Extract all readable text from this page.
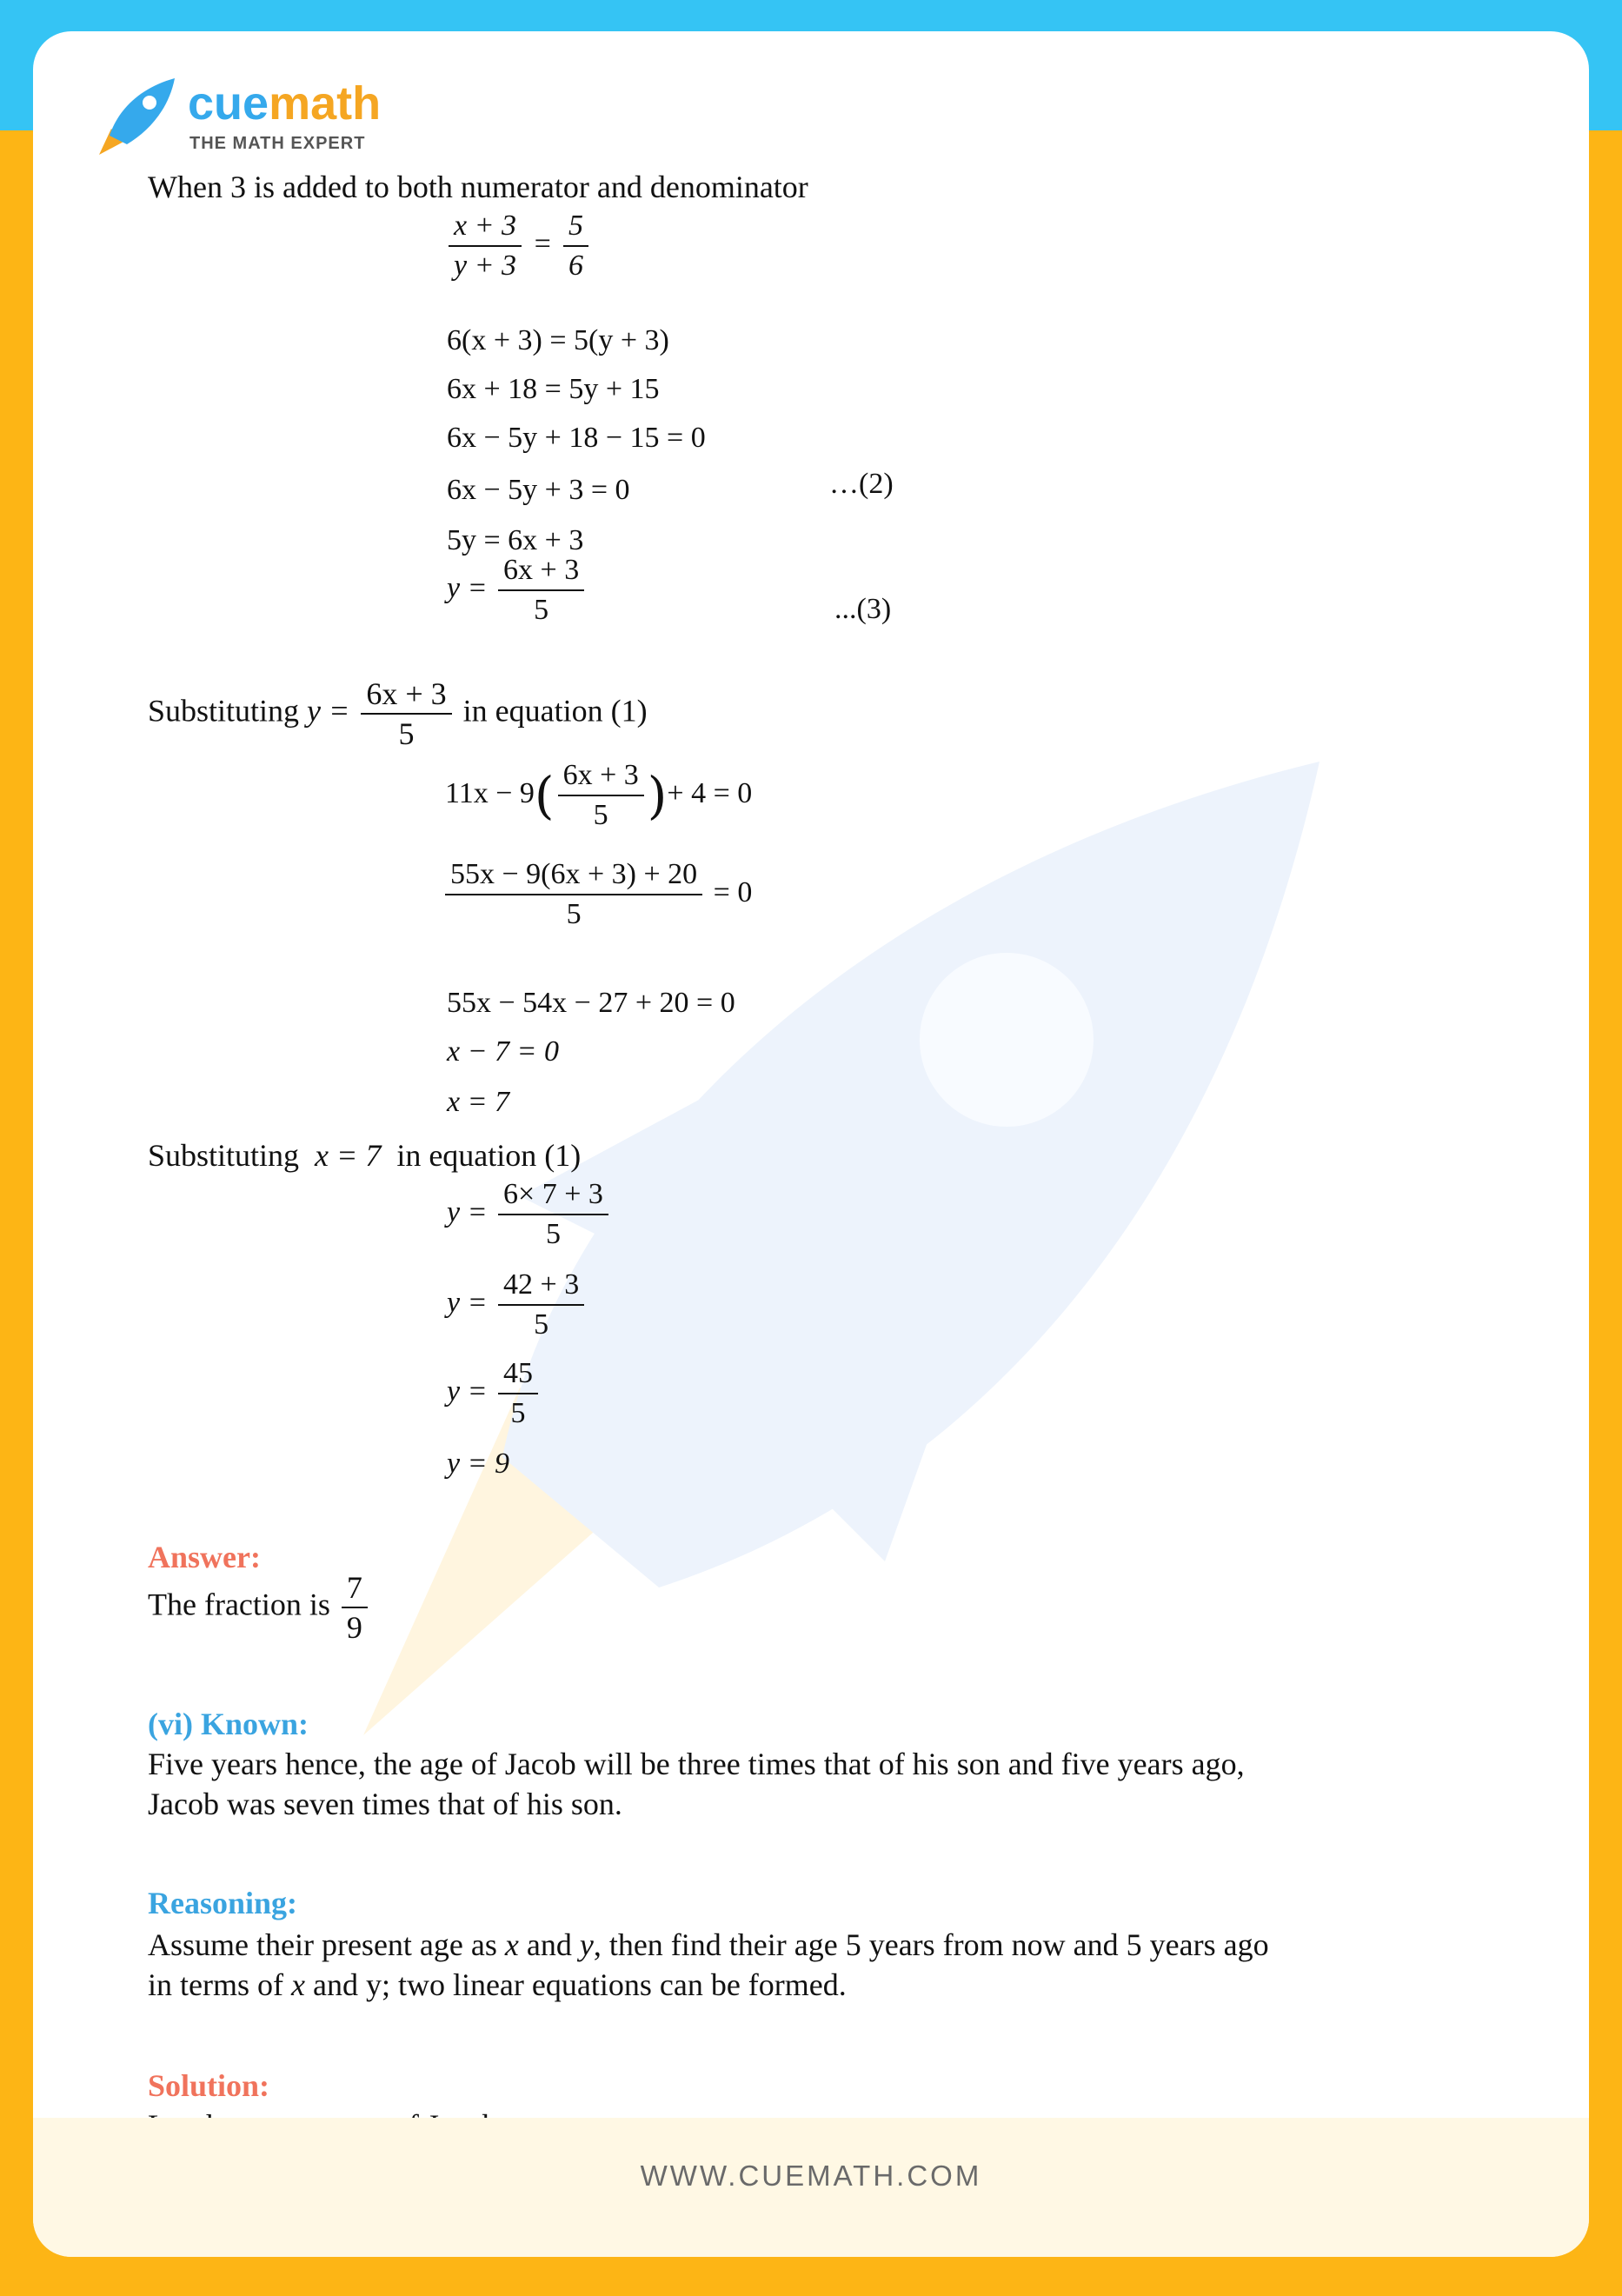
cuemath
THE MATH EXPERT
When 3 is added to both numerator and denominator
$\frac{x + 3}{y + 3} = \frac{5}{6}$
6(x + 3) = 5(y + 3)
6x + 18 = 5y + 15
6x − 5y + 18 − 15 = 0
6x − 5y + 3 = 0	…(2)
5y = 6x + 3
$y = \frac{6x + 3}{5}$	...(3)
Substituting $y = \frac{6x + 3}{5}$ in equation (1)
$11x - 9( \frac{6x + 3}{5}$ )+ 4 = 0
$\frac{55x - 9(6x + 3) + 20}{5} = 0$
55x − 54x − 27 + 20 = 0
x − 7 = 0
x = 7
Substituting x = 7 in equation (1)
$y = \frac{6\times 7 + 3}{5}$
$y = \frac{42 + 3}{5}$
$y = \frac{45}{5}$
y = 9
Answer:
The fraction is $\frac{7}{9}$
(vi) Known:
Five years hence, the age of Jacob will be three times that of his son and five years ago,
Jacob was seven times that of his son.
Reasoning:
Assume their present age as x and y, then find their age 5 years from now and 5 years ago
in terms of x and y; two linear equations can be formed.
Solution:
WWW.CUEMATH.COM
